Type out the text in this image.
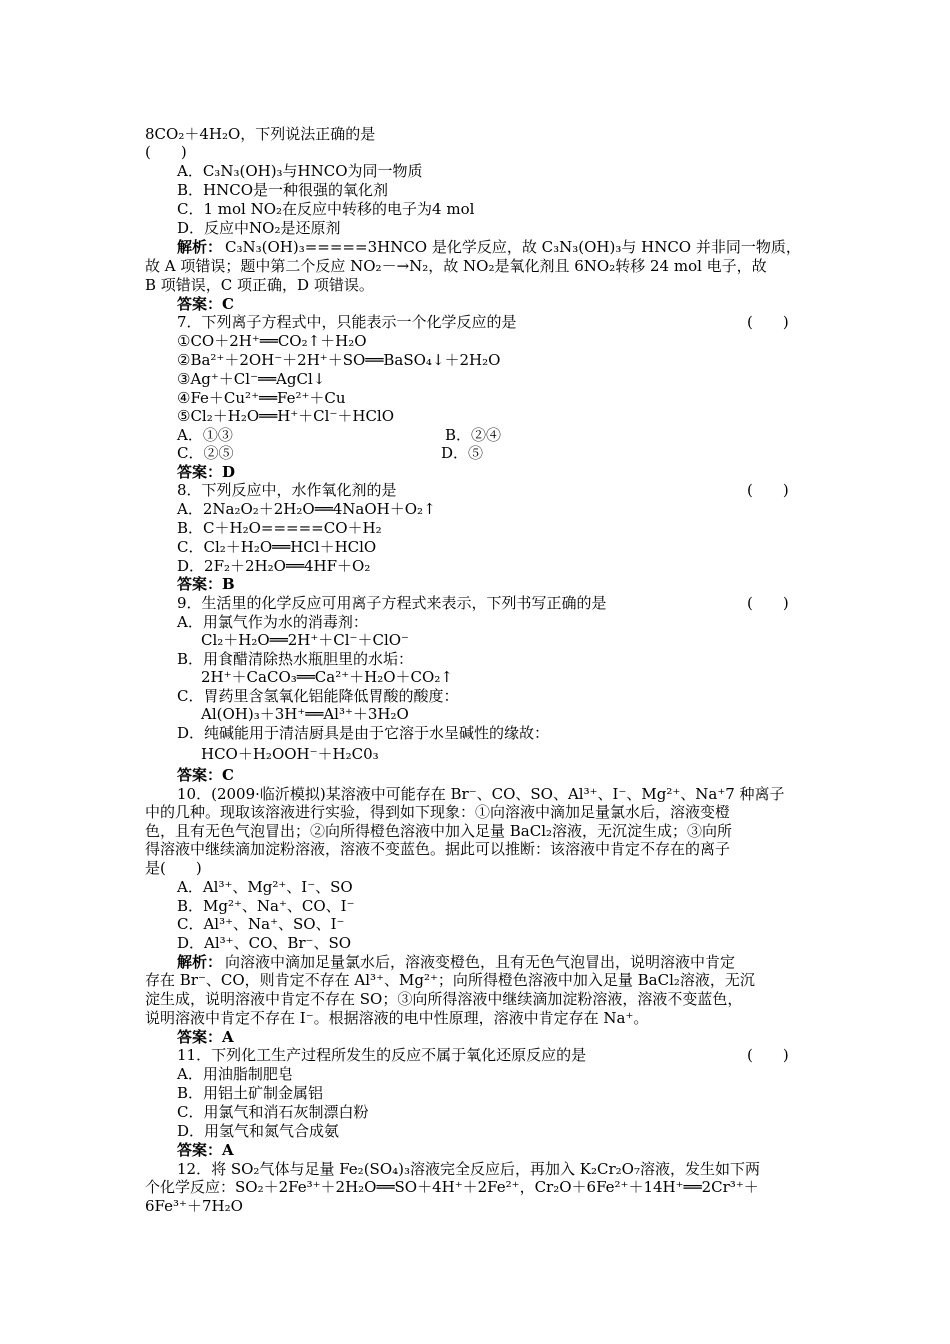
8CO₂＋4H₂O，下列说法正确的是
(　　)
A．C₃N₃(OH)₃与HNCO为同一物质
B．HNCO是一种很强的氧化剂
C．1 mol NO₂在反应中转移的电子为4 mol
D．反应中NO₂是还原剂
解析： C₃N₃(OH)₃=====3HNCO 是化学反应，故 C₃N₃(OH)₃与 HNCO 并非同一物质，
故 A 项错误；题中第二个反应 NO₂－→N₂，故 NO₂是氧化剂且 6NO₂转移 24 mol 电子，故
B 项错误，C 项正确，D 项错误。
答案：C
7．下列离子方程式中，只能表示一个化学反应的是	(　　)
①CO＋2H⁺══CO₂↑＋H₂O
②Ba²⁺＋2OH⁻＋2H⁺＋SO══BaSO₄↓＋2H₂O
③Ag⁺＋Cl⁻══AgCl↓
④Fe＋Cu²⁺══Fe²⁺＋Cu
⑤Cl₂＋H₂O══H⁺＋Cl⁻＋HClO
A．①③	B．②④
C．②⑤	D．⑤
答案：D
8．下列反应中，水作氧化剂的是	(　　)
A．2Na₂O₂＋2H₂O══4NaOH＋O₂↑
B．C＋H₂O=====CO＋H₂
C．Cl₂＋H₂O══HCl＋HClO
D．2F₂＋2H₂O══4HF＋O₂
答案：B
9．生活里的化学反应可用离子方程式来表示，下列书写正确的是	(　　)
A．用氯气作为水的消毒剂：
Cl₂＋H₂O══2H⁺＋Cl⁻＋ClO⁻
B．用食醋清除热水瓶胆里的水垢：
2H⁺＋CaCO₃══Ca²⁺＋H₂O＋CO₂↑
C．胃药里含氢氧化铝能降低胃酸的酸度：
Al(OH)₃＋3H⁺══Al³⁺＋3H₂O
D．纯碱能用于清洁厨具是由于它溶于水呈碱性的缘故：
HCO＋H₂OOH⁻＋H₂C0₃
答案：C
10．(2009·临沂模拟)某溶液中可能存在 Br⁻、CO、SO、Al³⁺、I⁻、Mg²⁺、Na⁺7 种离子
中的几种。现取该溶液进行实验，得到如下现象：①向溶液中滴加足量氯水后，溶液变橙
色，且有无色气泡冒出；②向所得橙色溶液中加入足量 BaCl₂溶液，无沉淀生成；③向所
得溶液中继续滴加淀粉溶液，溶液不变蓝色。据此可以推断：该溶液中肯定不存在的离子
是(　　)
A．Al³⁺、Mg²⁺、I⁻、SO
B．Mg²⁺、Na⁺、CO、I⁻
C．Al³⁺、Na⁺、SO、I⁻
D．Al³⁺、CO、Br⁻、SO
解析： 向溶液中滴加足量氯水后，溶液变橙色，且有无色气泡冒出，说明溶液中肯定
存在 Br⁻、CO，则肯定不存在 Al³⁺、Mg²⁺；向所得橙色溶液中加入足量 BaCl₂溶液，无沉
淀生成，说明溶液中肯定不存在 SO；③向所得溶液中继续滴加淀粉溶液，溶液不变蓝色，
说明溶液中肯定不存在 I⁻。根据溶液的电中性原理，溶液中肯定存在 Na⁺。
答案：A
11．下列化工生产过程所发生的反应不属于氧化还原反应的是	(　　)
A．用油脂制肥皂
B．用铝土矿制金属铝
C．用氯气和消石灰制漂白粉
D．用氢气和氮气合成氨
答案：A
12．将 SO₂气体与足量 Fe₂(SO₄)₃溶液完全反应后，再加入 K₂Cr₂O₇溶液，发生如下两
个化学反应：SO₂＋2Fe³⁺＋2H₂O══SO＋4H⁺＋2Fe²⁺，Cr₂O＋6Fe²⁺＋14H⁺══2Cr³⁺＋
6Fe³⁺＋7H₂O
